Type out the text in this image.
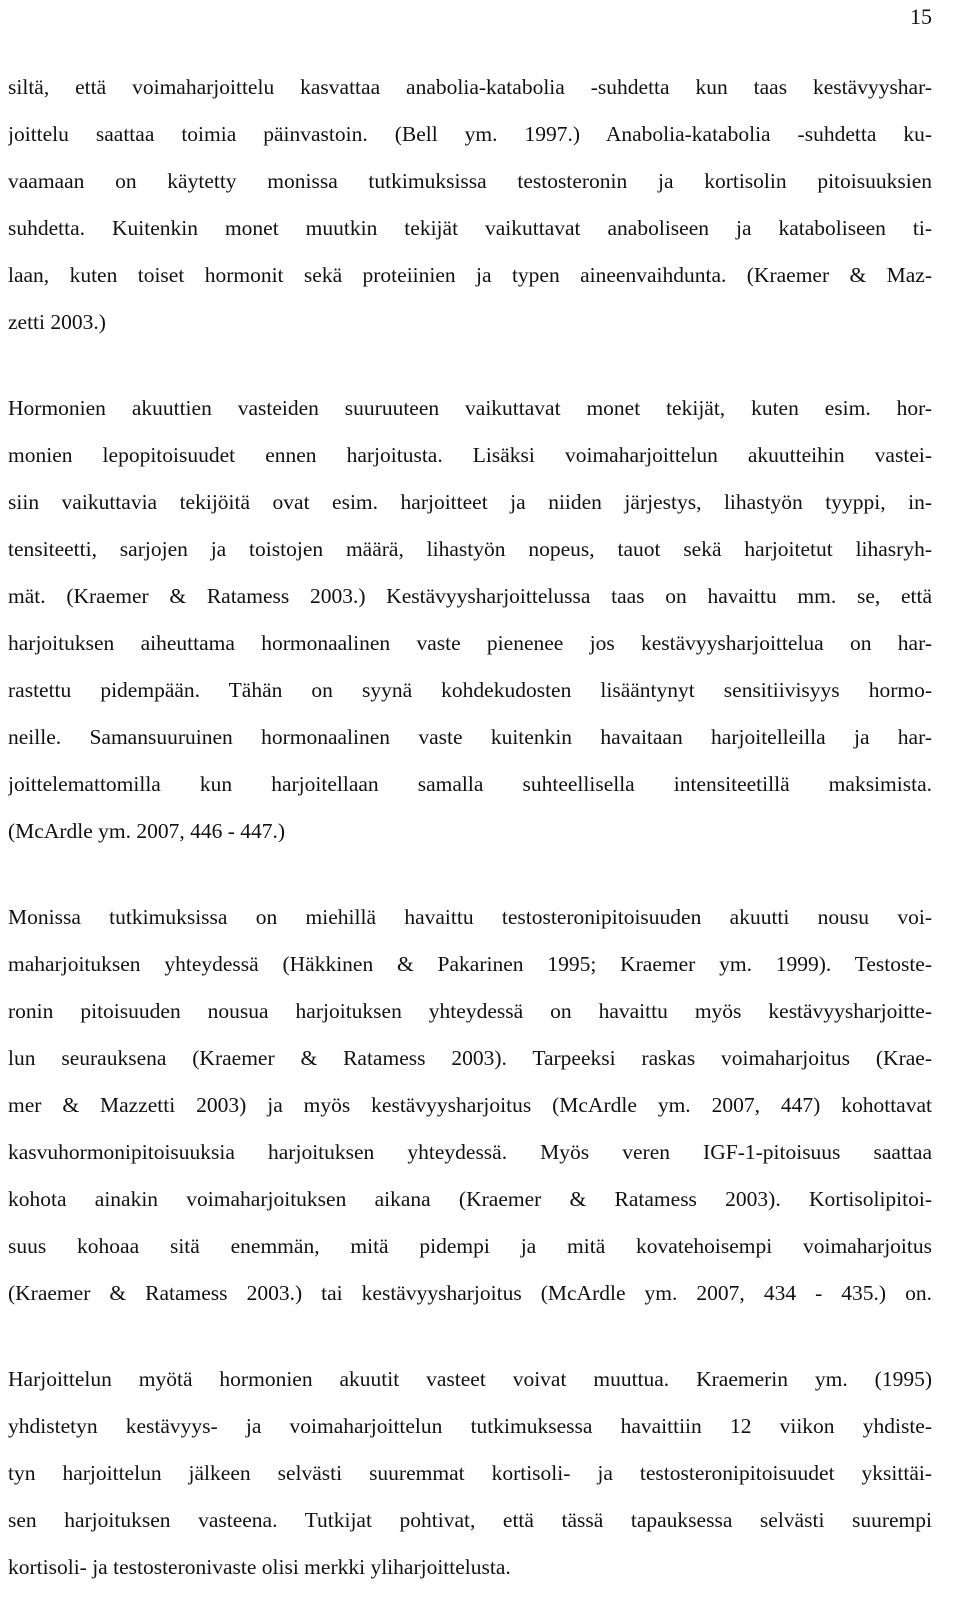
15
siltä, että voimaharjoittelu kasvattaa anabolia-katabolia -suhdetta kun taas kestävyyshar-
joittelu saattaa toimia päinvastoin. (Bell ym. 1997.) Anabolia-katabolia -suhdetta ku-
vaamaan on käytetty monissa tutkimuksissa testosteronin ja kortisolin pitoisuuksien
suhdetta. Kuitenkin monet muutkin tekijät vaikuttavat anaboliseen ja kataboliseen ti-
laan, kuten toiset hormonit sekä proteiinien ja typen aineenvaihdunta. (Kraemer & Maz-
zetti 2003.)
Hormonien akuuttien vasteiden suuruuteen vaikuttavat monet tekijät, kuten esim. hor-
monien lepopitoisuudet ennen harjoitusta. Lisäksi voimaharjoittelun akuutteihin vastei-
siin vaikuttavia tekijöitä ovat esim. harjoitteet ja niiden järjestys, lihastyön tyyppi, in-
tensiteetti, sarjojen ja toistojen määrä, lihastyön nopeus, tauot sekä harjoitetut lihasryh-
mät. (Kraemer & Ratamess 2003.) Kestävyysharjoittelussa taas on havaittu mm. se, että
harjoituksen aiheuttama hormonaalinen vaste pienenee jos kestävyysharjoittelua on har-
rastettu pidempään. Tähän on syynä kohdekudosten lisääntynyt sensitiivisyys hormo-
neille. Samansuuruinen hormonaalinen vaste kuitenkin havaitaan harjoitelleilla ja har-
joittelemattomilla kun harjoitellaan samalla suhteellisella intensiteetillä maksimista.
(McArdle ym. 2007, 446 - 447.)
Monissa tutkimuksissa on miehillä havaittu testosteronipitoisuuden akuutti nousu voi-
maharjoituksen yhteydessä (Häkkinen & Pakarinen 1995; Kraemer ym. 1999). Testoste-
ronin pitoisuuden nousua harjoituksen yhteydessä on havaittu myös kestävyysharjoitte-
lun seurauksena (Kraemer & Ratamess 2003). Tarpeeksi raskas voimaharjoitus (Krae-
mer & Mazzetti 2003) ja myös kestävyysharjoitus (McArdle ym. 2007, 447) kohottavat
kasvuhormonipitoisuuksia harjoituksen yhteydessä. Myös veren IGF-1-pitoisuus saattaa
kohota ainakin voimaharjoituksen aikana (Kraemer & Ratamess 2003). Kortisolipitoi-
suus kohoaa sitä enemmän, mitä pidempi ja mitä kovatehoisempi voimaharjoitus
(Kraemer & Ratamess 2003.) tai kestävyysharjoitus (McArdle ym. 2007, 434 - 435.) on.
Harjoittelun myötä hormonien akuutit vasteet voivat muuttua. Kraemerin ym. (1995)
yhdistetyn kestävyys- ja voimaharjoittelun tutkimuksessa havaittiin 12 viikon yhdiste-
tyn harjoittelun jälkeen selvästi suuremmat kortisoli- ja testosteronipitoisuudet yksittäi-
sen harjoituksen vasteena. Tutkijat pohtivat, että tässä tapauksessa selvästi suurempi
kortisoli- ja testosteronivaste olisi merkki yliharjoittelusta.
